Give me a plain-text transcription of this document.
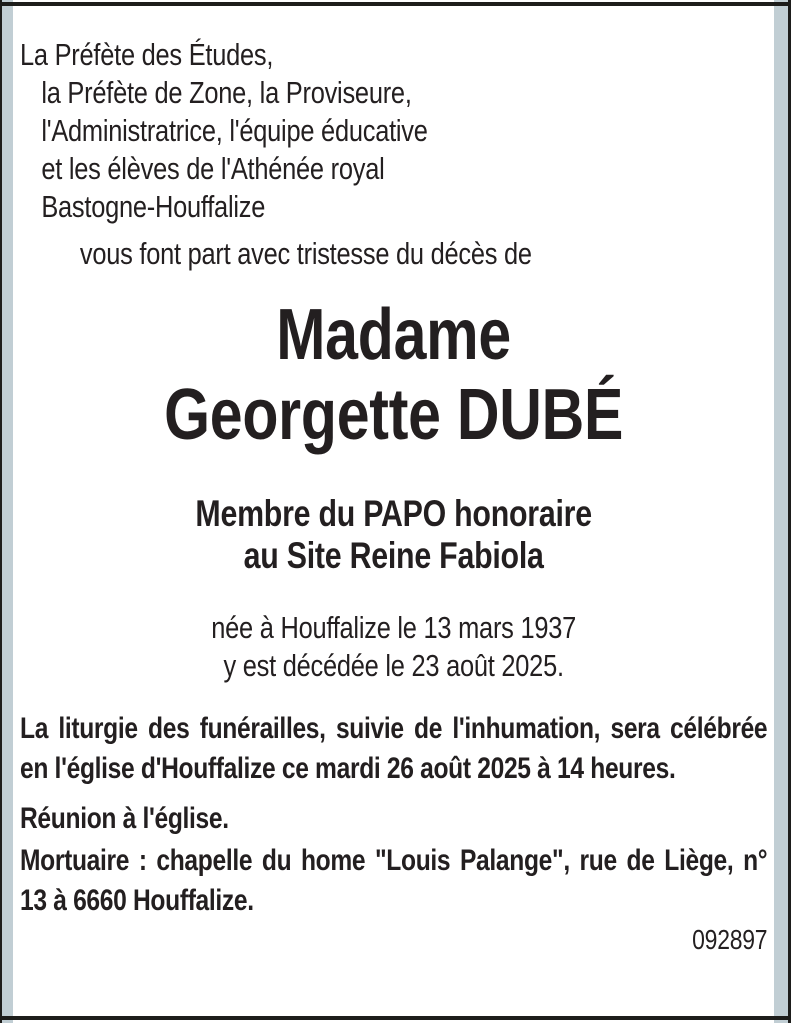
La Préfète des Études,

la Préfète de Zone, la Proviseure,

l'Administratrice, l'équipe éducative

et les élèves de l'Athénée royal

Bastogne-Houffalize

vous font part avec tristesse du décès de

Madame
Georgette DUBÉ

Membre du PAPO honoraire

au Site Reine Fabiola

née à Houffalize le 13 mars 1937

y est décédée le 23 août 2025.

La liturgie des funérailles, suivie de l'inhumation, sera célébrée en l'église d'Houffalize ce mardi 26 août 2025 à 14 heures.

Réunion à l'église.

Mortuaire : chapelle du home "Louis Palange", rue de Liège, n° 13 à 6660 Houffalize.

092897
